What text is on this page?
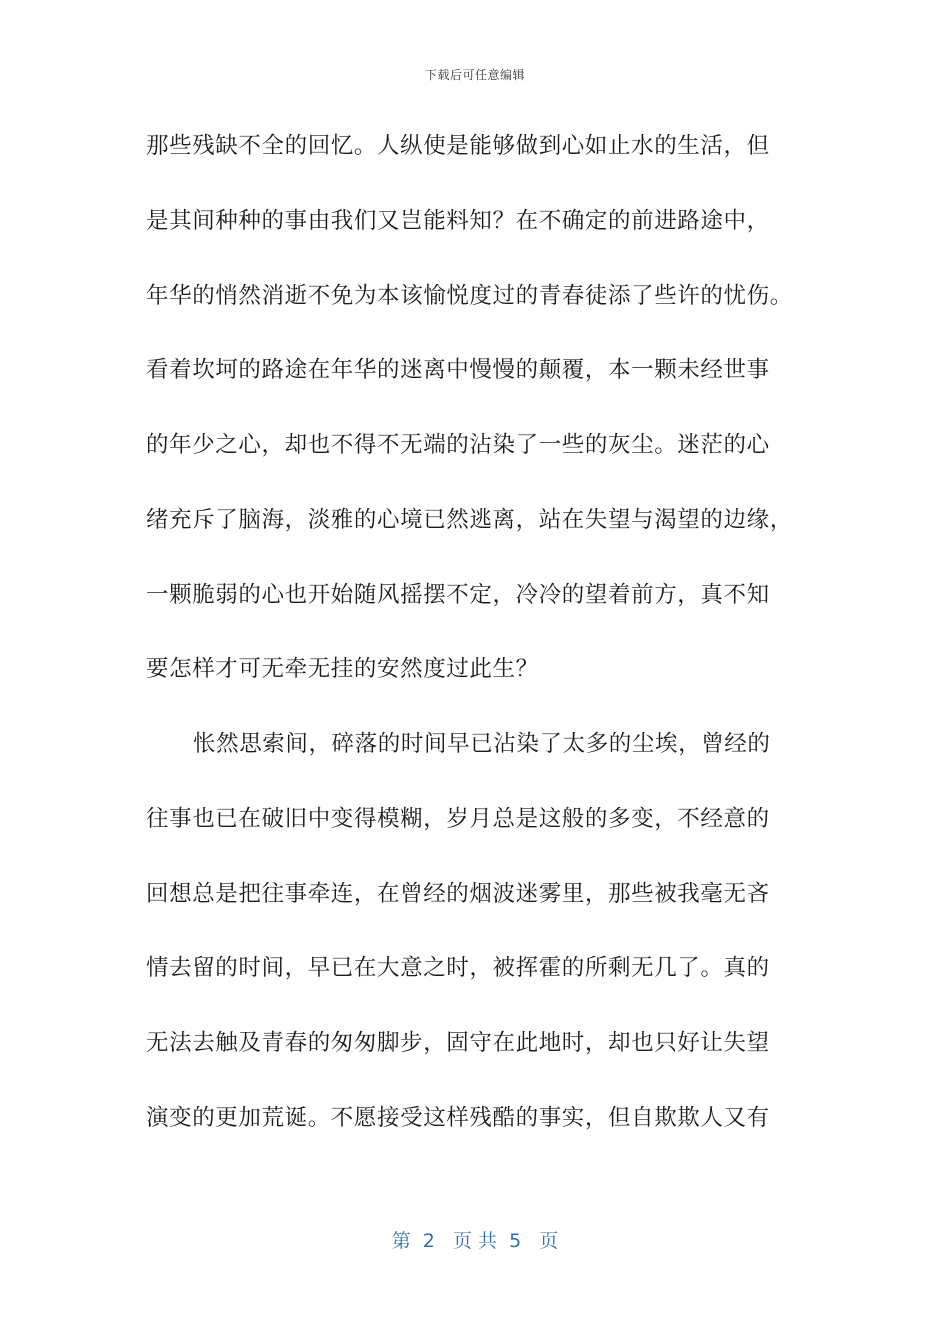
下载后可任意编辑
那些残缺不全的回忆。人纵使是能够做到心如止水的生活，但
是其间种种的事由我们又岂能料知？在不确定的前进路途中，
年华的悄然消逝不免为本该愉悦度过的青春徒添了些许的忧伤。
看着坎坷的路途在年华的迷离中慢慢的颠覆，本一颗未经世事
的年少之心，却也不得不无端的沾染了一些的灰尘。迷茫的心
绪充斥了脑海，淡雅的心境已然逃离，站在失望与渴望的边缘，
一颗脆弱的心也开始随风摇摆不定，冷冷的望着前方，真不知
要怎样才可无牵无挂的安然度过此生？
怅然思索间，碎落的时间早已沾染了太多的尘埃，曾经的
往事也已在破旧中变得模糊，岁月总是这般的多变，不经意的
回想总是把往事牵连，在曾经的烟波迷雾里，那些被我毫无吝
情去留的时间，早已在大意之时，被挥霍的所剩无几了。真的
无法去触及青春的匆匆脚步，固守在此地时，却也只好让失望
演变的更加荒诞。不愿接受这样残酷的事实，但自欺欺人又有
第  2   页 共  5   页
